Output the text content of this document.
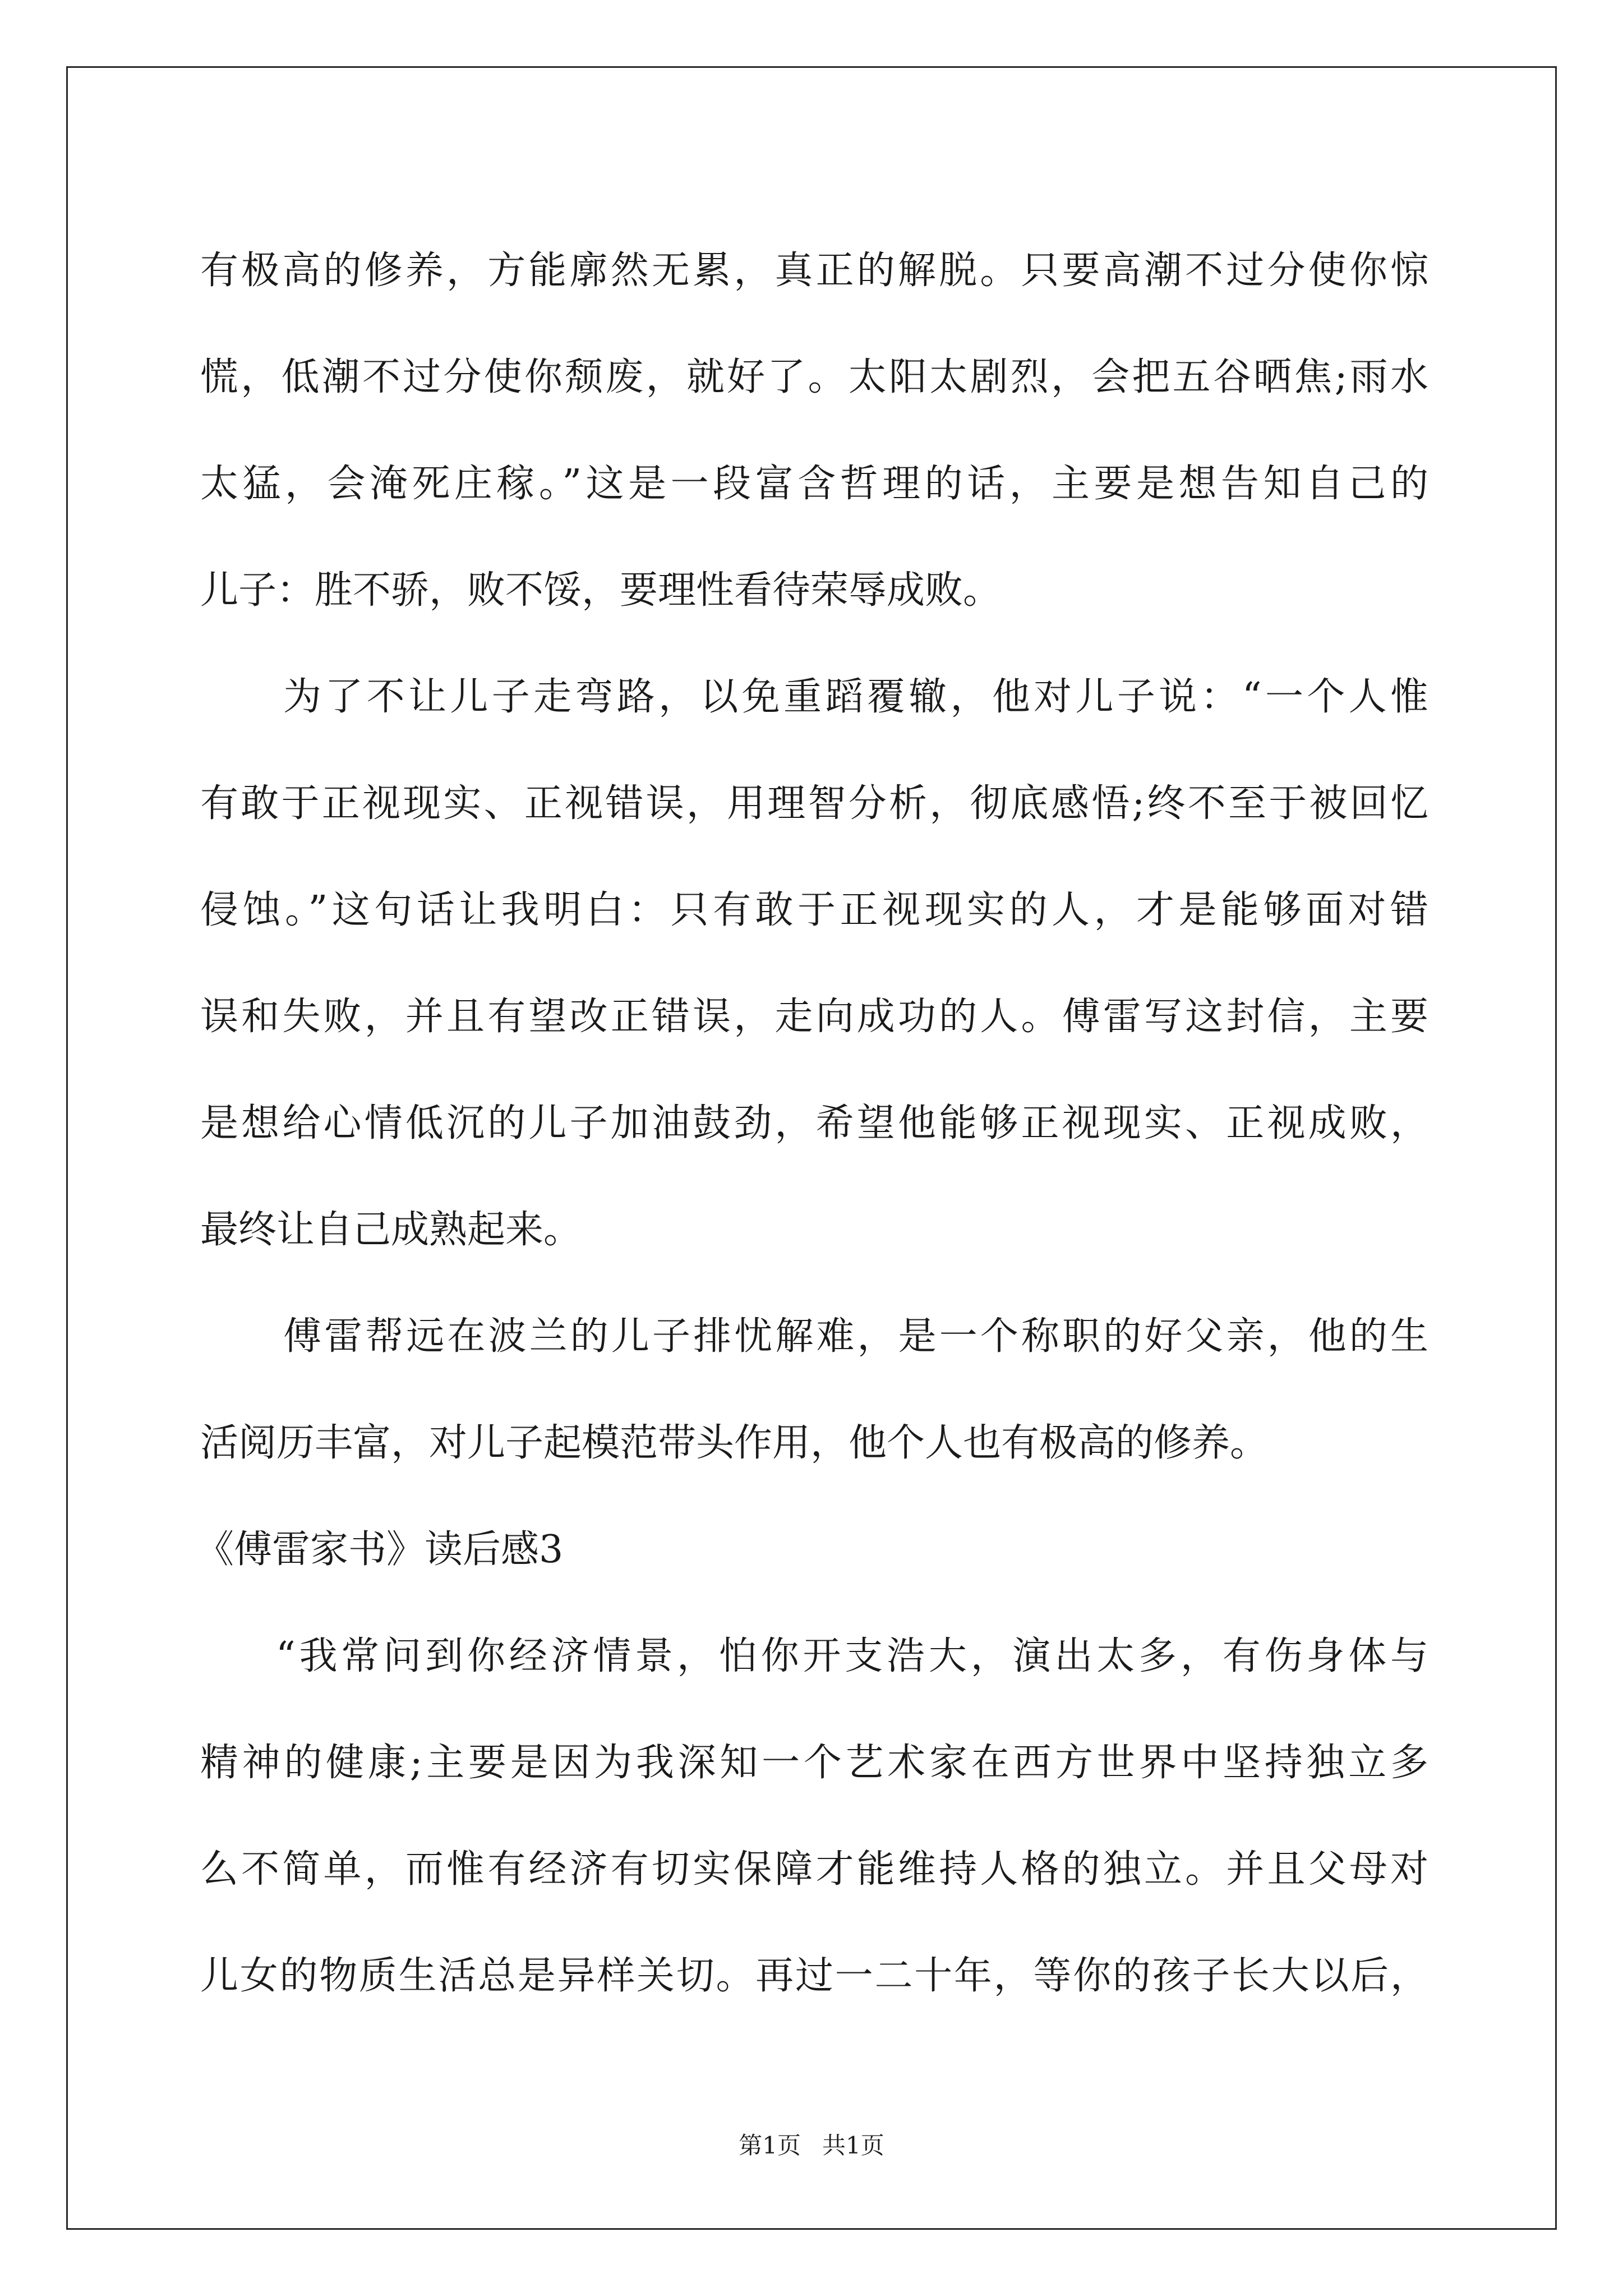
有极高的修养，方能廓然无累，真正的解脱。只要高潮不过分使你惊
慌，低潮不过分使你颓废，就好了。太阳太剧烈，会把五谷晒焦;雨水
太猛，会淹死庄稼。”这是一段富含哲理的话，主要是想告知自己的
儿子：胜不骄，败不馁，要理性看待荣辱成败。
为了不让儿子走弯路，以免重蹈覆辙，他对儿子说：“一个人惟
有敢于正视现实、正视错误，用理智分析，彻底感悟;终不至于被回忆
侵蚀。”这句话让我明白：只有敢于正视现实的人，才是能够面对错
误和失败，并且有望改正错误，走向成功的人。傅雷写这封信，主要
是想给心情低沉的儿子加油鼓劲，希望他能够正视现实、正视成败，
最终让自己成熟起来。
傅雷帮远在波兰的儿子排忧解难，是一个称职的好父亲，他的生
活阅历丰富，对儿子起模范带头作用，他个人也有极高的修养。
《傅雷家书》读后感3
“我常问到你经济情景，怕你开支浩大，演出太多，有伤身体与
精神的健康;主要是因为我深知一个艺术家在西方世界中坚持独立多
么不简单，而惟有经济有切实保障才能维持人格的独立。并且父母对
儿女的物质生活总是异样关切。再过一二十年，等你的孩子长大以后，
第1页 共1页
